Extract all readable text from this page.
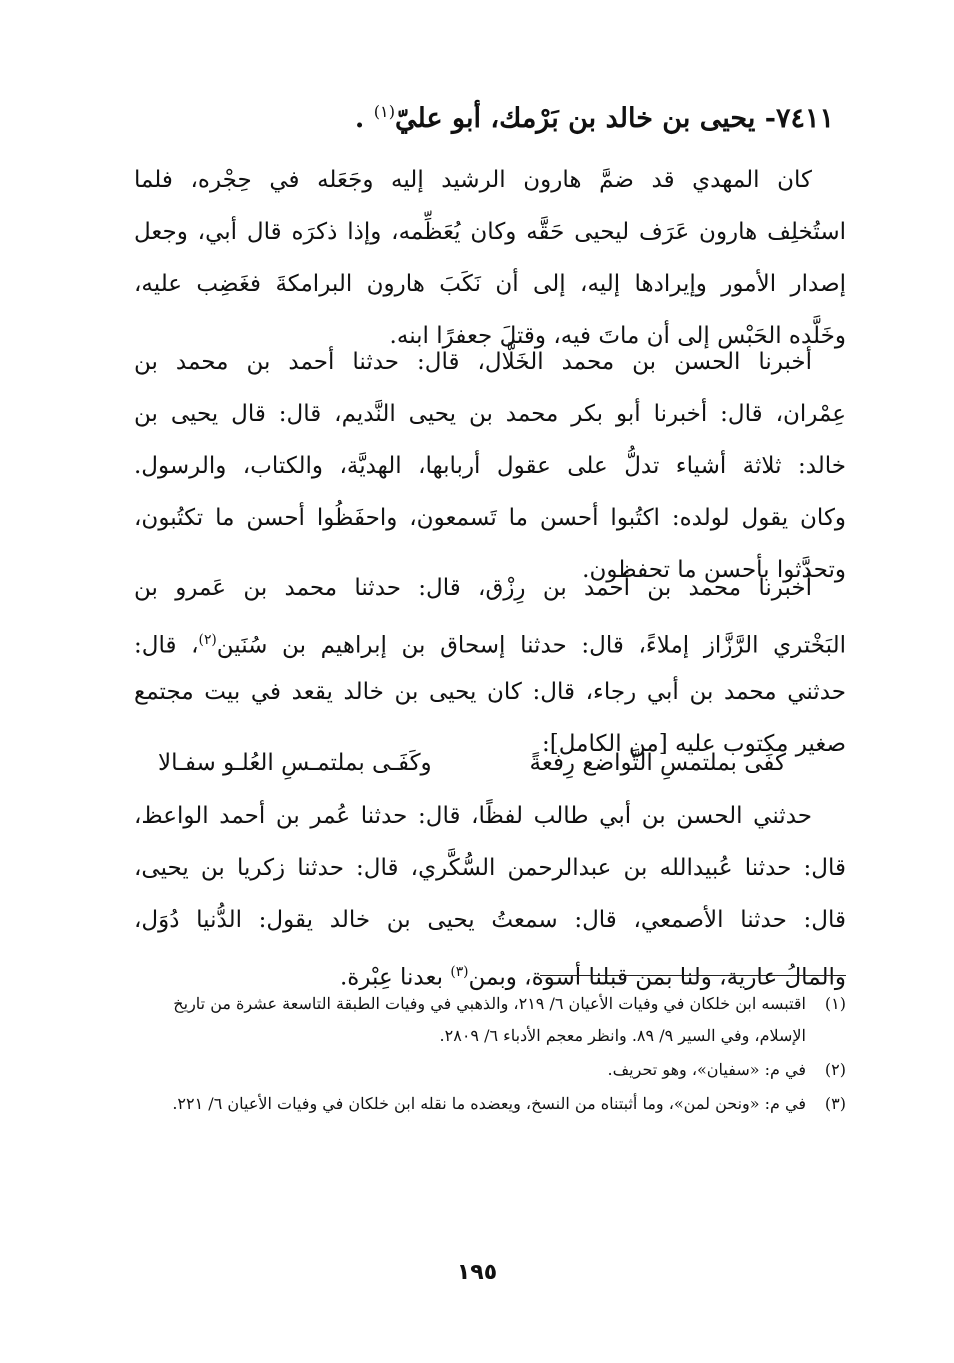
٧٤١١- يحيى بن خالد بن بَرْمك، أبو عليّ$^{(١)}$ .
كان المهدي قد ضمَّ هارون الرشيد إليه وجَعَله في حِجْره، فلما
استُخلِف هارون عَرَف ليحيى حَقَّه وكان يُعَظِّمه، وإذا ذكرَه قال أبي، وجعل
إصدار الأمور وإيرادها إليه، إلى أن نَكَبَ هارون البرامكةَ فغَضِب عليه،
وخَلَّده الحَبْس إلى أن ماتَ فيه، وقتلَ جعفرًا ابنه.
أخبرنا الحسن بن محمد الخَلَّال، قال: حدثنا أحمد بن محمد بن
عِمْران، قال: أخبرنا أبو بكر محمد بن يحيى النَّديم، قال: قال يحيى بن
خالد: ثلاثة أشياء تدلُّ على عقول أربابها، الهديَّة، والكتاب، والرسول.
وكان يقول لولده: اكتُبوا أحسن ما تَسمعون، واحفَظُوا أحسن ما تكتُبون،
وتحدَّثوا بأحسن ما تحفظون.
أخبرنا محمد بن أحمد بن رِزْق، قال: حدثنا محمد بن عَمرو بن
البَخْتري الرَّزَّاز إملاءً، قال: حدثنا إسحاق بن إبراهيم بن سُنَين$^{(٢)}$، قال:
حدثني محمد بن أبي رجاء، قال: كان يحيى بن خالد يقعد في بيت مجتمع
صغير مكتوب عليه [من الكامل]:
كفَى بملتمسِ التَّواضع رِفعةً
وكَفَـى بملتمـسِ العُلـو سفـالا
حدثني الحسن بن أبي طالب لفظًا، قال: حدثنا عُمر بن أحمد الواعظ،
قال: حدثنا عُبيدالله بن عبدالرحمن السُّكَّري، قال: حدثنا زكريا بن يحيى،
قال: حدثنا الأصمعي، قال: سمعتُ يحيى بن خالد يقول: الدُّنيا دُوَل،
والمالُ عارية، ولنا بمن قبلنا أسوة، وبمن$^{(٣)}$ بعدنا عِبْرة.
(١)
اقتبسه ابن خلكان في وفيات الأعيان ٦/ ٢١٩، والذهبي في وفيات الطبقة التاسعة عشرة من تاريخ الإسلام، وفي السير ٩/ ٨٩. وانظر معجم الأدباء ٦/ ٢٨٠٩.
(٢)
في م: «سفيان»، وهو تحريف.
(٣)
في م: «ونحن لمن»، وما أثبتناه من النسخ، ويعضده ما نقله ابن خلكان في وفيات الأعيان ٦/ ٢٢١.
١٩٥
